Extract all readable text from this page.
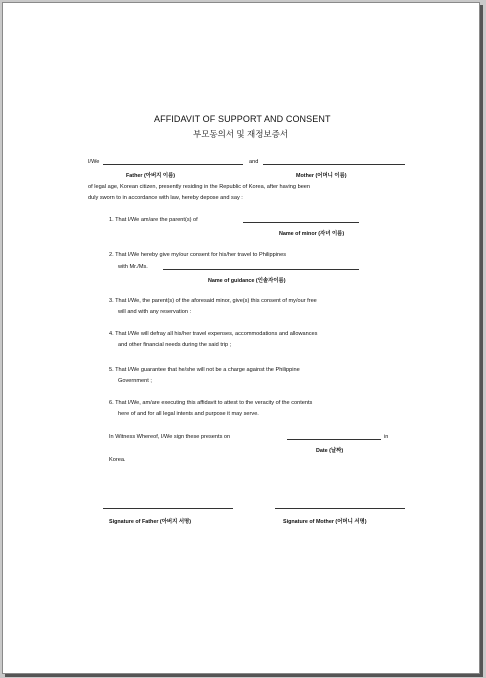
AFFIDAVIT OF SUPPORT AND CONSENT
부모동의서 및 재정보증서
I/We	and
Father (아버지 이름)	Mother (어머니 이름)
of legal age, Korean citizen, presently residing in the Republic of Korea, after having been
duly sworn to in accordance with law, hereby depose and say :
1. That I/We am/are the parent(s) of
Name of minor (자녀 이름)
2. That I/We hereby give my/our consent for his/her travel to Philippines
with Mr./Ms.
Name of guidance (인솔자이름)
3. That I/We, the parent(s) of the aforesaid minor, give(s) this consent of my/our free
will and with any reservation :
4. That I/We will defray all his/her travel expenses, accommodations and allowances
and other financial needs during the said trip ;
5. That I/We guarantee that he/she will not be a charge against the Philippine
Government ;
6. That I/We, am/are executing this affidavit to attest to the veracity of the contents
here of and for all legal intents and purpose it may serve.
In Witness Whereof, I/We sign these presents on	in
Date (날짜)
Korea.
Signature of Father (아버지 서명)	Signature of Mother (어머니 서명)
